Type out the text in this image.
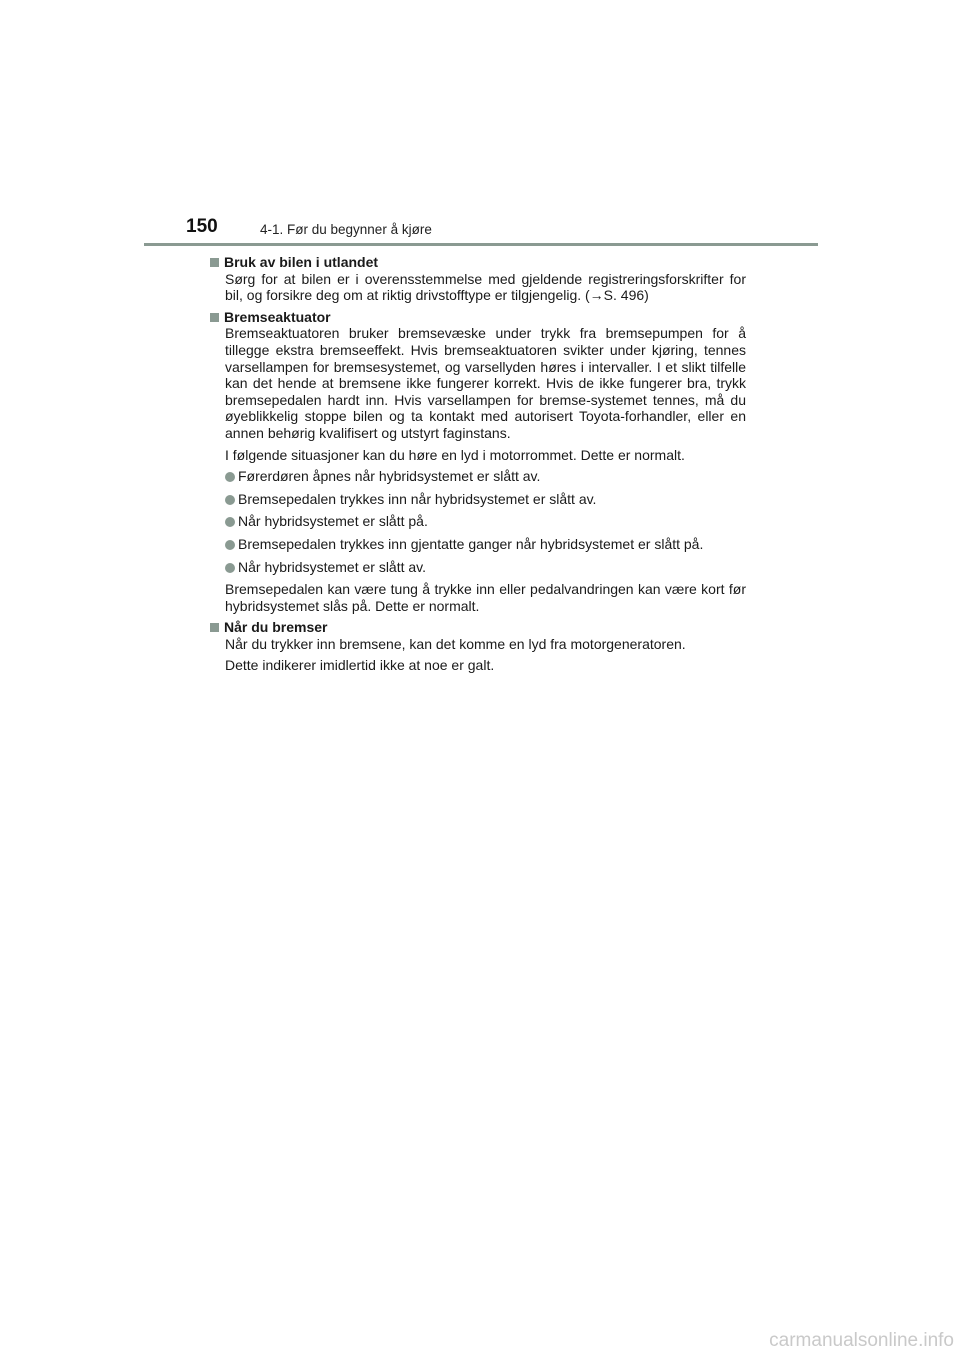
150	4-1. Før du begynner å kjøre

Bruk av bilen i utlandet

Sørg for at bilen er i overensstemmelse med gjeldende registreringsforskrifter for bil, og forsikre deg om at riktig drivstofftype er tilgjengelig. (→S. 496)

Bremseaktuator

Bremseaktuatoren bruker bremsevæske under trykk fra bremsepumpen for å tillegge ekstra bremseeffekt. Hvis bremseaktuatoren svikter under kjøring, tennes varsellampen for bremsesystemet, og varsellyden høres i intervaller. I et slikt tilfelle kan det hende at bremsene ikke fungerer korrekt. Hvis de ikke fungerer bra, trykk bremsepedalen hardt inn. Hvis varsellampen for bremse-systemet tennes, må du øyeblikkelig stoppe bilen og ta kontakt med autorisert Toyota-forhandler, eller en annen behørig kvalifisert og utstyrt faginstans.

I følgende situasjoner kan du høre en lyd i motorrommet. Dette er normalt.

Førerdøren åpnes når hybridsystemet er slått av.
Bremsepedalen trykkes inn når hybridsystemet er slått av.
Når hybridsystemet er slått på.
Bremsepedalen trykkes inn gjentatte ganger når hybridsystemet er slått på.
Når hybridsystemet er slått av.

Bremsepedalen kan være tung å trykke inn eller pedalvandringen kan være kort før hybridsystemet slås på. Dette er normalt.

Når du bremser

Når du trykker inn bremsene, kan det komme en lyd fra motorgeneratoren.

Dette indikerer imidlertid ikke at noe er galt.

carmanualsonline.info
